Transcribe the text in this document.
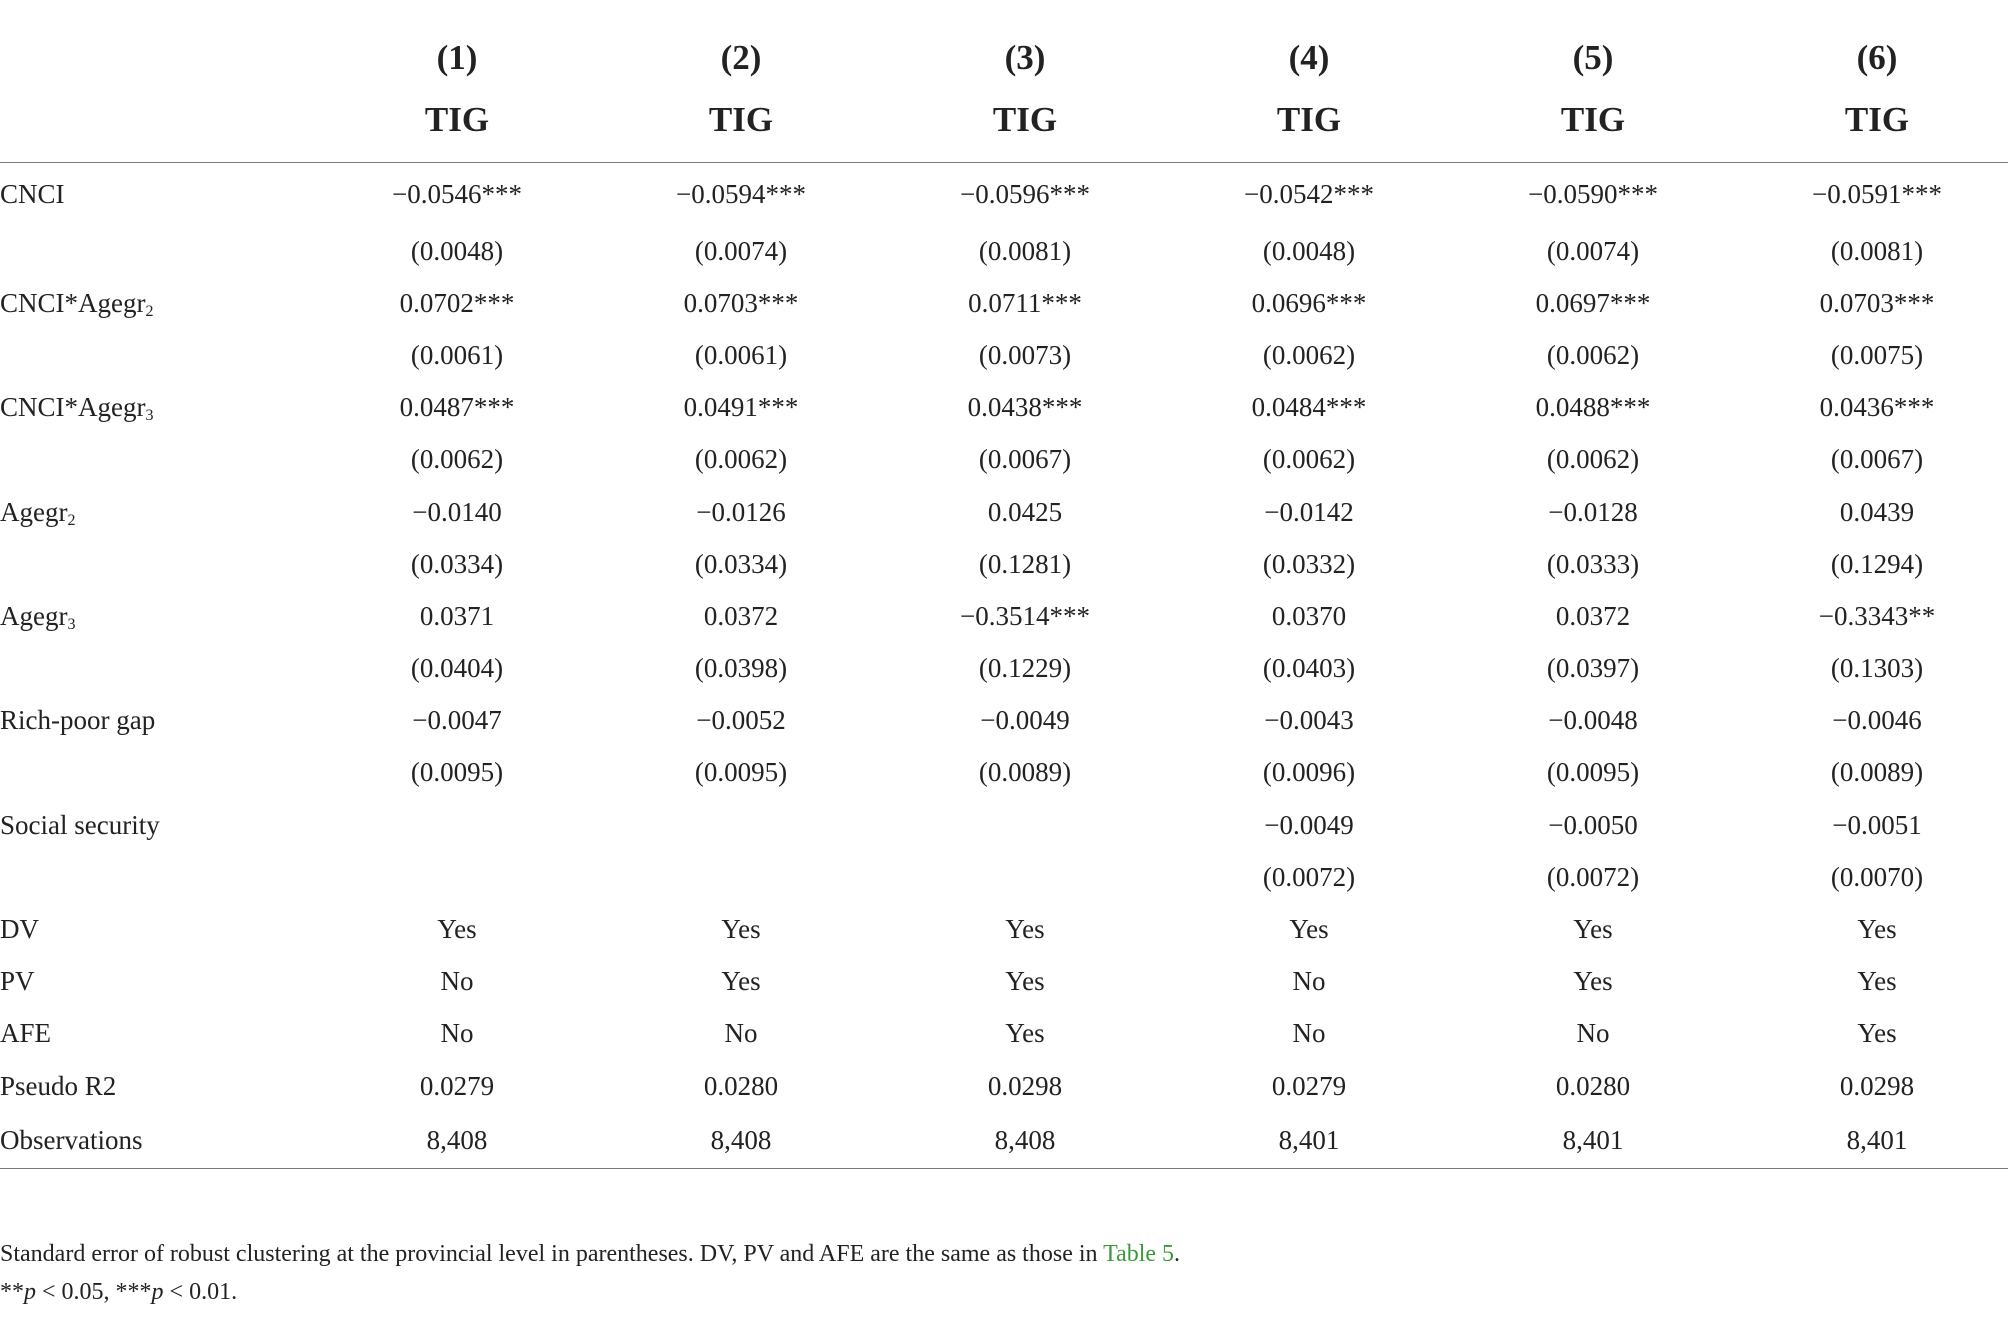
	(1)	(2)	(3)	(4)	(5)	(6)
	TIG	TIG	TIG	TIG	TIG	TIG
CNCI	−0.0546***	−0.0594***	−0.0596***	−0.0542***	−0.0590***	−0.0591***
	(0.0048)	(0.0074)	(0.0081)	(0.0048)	(0.0074)	(0.0081)
CNCI*Agegr$_2$	0.0702***	0.0703***	0.0711***	0.0696***	0.0697***	0.0703***
	(0.0061)	(0.0061)	(0.0073)	(0.0062)	(0.0062)	(0.0075)
CNCI*Agegr$_3$	0.0487***	0.0491***	0.0438***	0.0484***	0.0488***	0.0436***
	(0.0062)	(0.0062)	(0.0067)	(0.0062)	(0.0062)	(0.0067)
Agegr$_2$	−0.0140	−0.0126	0.0425	−0.0142	−0.0128	0.0439
	(0.0334)	(0.0334)	(0.1281)	(0.0332)	(0.0333)	(0.1294)
Agegr$_3$	0.0371	0.0372	−0.3514***	0.0370	0.0372	−0.3343**
	(0.0404)	(0.0398)	(0.1229)	(0.0403)	(0.0397)	(0.1303)
Rich-poor gap	−0.0047	−0.0052	−0.0049	−0.0043	−0.0048	−0.0046
	(0.0095)	(0.0095)	(0.0089)	(0.0096)	(0.0095)	(0.0089)
Social security				−0.0049	−0.0050	−0.0051
				(0.0072)	(0.0072)	(0.0070)
DV	Yes	Yes	Yes	Yes	Yes	Yes
PV	No	Yes	Yes	No	Yes	Yes
AFE	No	No	Yes	No	No	Yes
Pseudo R2	0.0279	0.0280	0.0298	0.0279	0.0280	0.0298
Observations	8,408	8,408	8,408	8,401	8,401	8,401
Standard error of robust clustering at the provincial level in parentheses. DV, PV and AFE are the same as those in Table 5.
**p < 0.05, ***p < 0.01.
